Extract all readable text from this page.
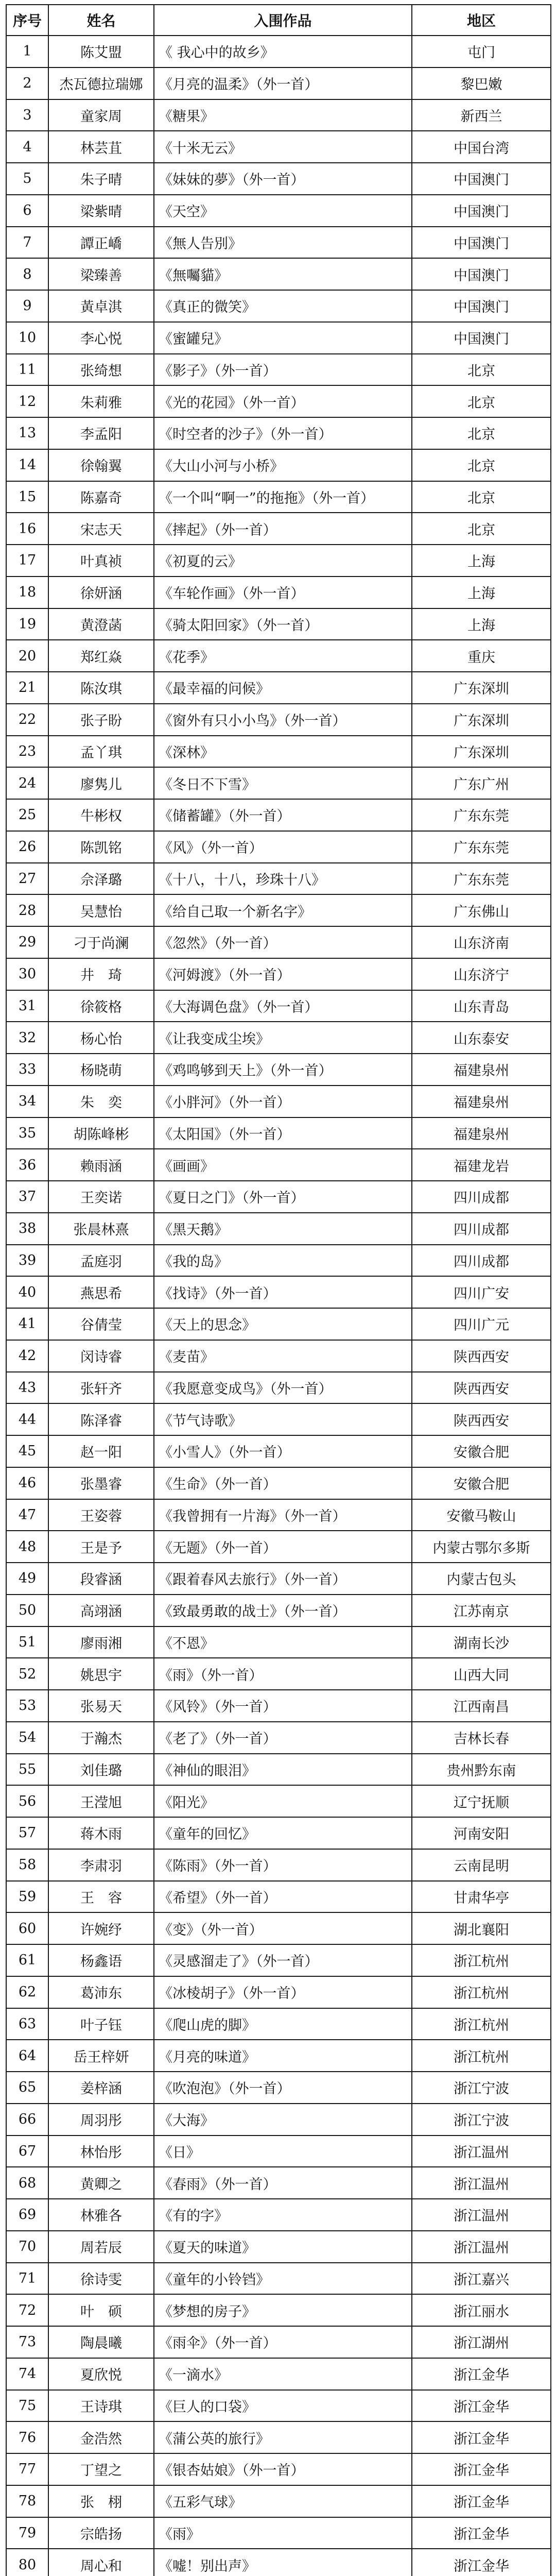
序号	姓名	入围作品	地区
1	陈艾盟	《 我心中的故乡》	屯门
2	杰瓦德拉瑞娜	《月亮的温柔》（外一首）	黎巴嫩
3	童家周	《糖果》	新西兰
4	林芸苴	《十米无云》	中国台湾
5	朱子晴	《妹妹的夢》（外一首）	中国澳门
6	梁紫晴	《天空》	中国澳门
7	譚正嶠	《無人告別》	中国澳门
8	梁臻善	《無囑貓》	中国澳门
9	黃卓淇	《真正的微笑》	中国澳门
10	李心悦	《蜜罐兒》	中国澳门
11	张绮想	《影子》（外一首）	北京
12	朱莉雅	《光的花园》（外一首）	北京
13	李孟阳	《时空者的沙子》（外一首）	北京
14	徐翰翼	《大山小河与小桥》	北京
15	陈嘉奇	《一个叫“啊一”的拖拖》（外一首）	北京
16	宋志天	《摔起》（外一首）	北京
17	叶真祯	《初夏的云》	上海
18	徐妍涵	《车轮作画》（外一首）	上海
19	黄澄菡	《骑太阳回家》（外一首）	上海
20	郑红焱	《花季》	重庆
21	陈汝琪	《最幸福的问候》	广东深圳
22	张子盼	《窗外有只小小鸟》（外一首）	广东深圳
23	孟丫琪	《深林》	广东深圳
24	廖隽儿	《冬日不下雪》	广东广州
25	牛彬权	《储蓄罐》（外一首）	广东东莞
26	陈凯铭	《风》（外一首）	广东东莞
27	佘泽璐	《十八，十八，珍珠十八》	广东东莞
28	吴慧怡	《给自己取一个新名字》	广东佛山
29	刁于尚澜	《忽然》（外一首）	山东济南
30	井　琦	《河姆渡》（外一首）	山东济宁
31	徐筱格	《大海调色盘》（外一首）	山东青岛
32	杨心怡	《让我变成尘埃》	山东泰安
33	杨晓萌	《鸡鸣够到天上》（外一首）	福建泉州
34	朱　奕	《小胖河》（外一首）	福建泉州
35	胡陈峰彬	《太阳国》（外一首）	福建泉州
36	赖雨涵	《画画》	福建龙岩
37	王奕诺	《夏日之门》（外一首）	四川成都
38	张晨林熹	《黑天鹅》	四川成都
39	孟庭羽	《我的岛》	四川成都
40	燕思希	《找诗》（外一首）	四川广安
41	谷倩莹	《天上的思念》	四川广元
42	闵诗睿	《麦苗》	陕西西安
43	张轩齐	《我愿意变成鸟》（外一首）	陕西西安
44	陈泽睿	《节气诗歌》	陕西西安
45	赵一阳	《小雪人》（外一首）	安徽合肥
46	张墨睿	《生命》（外一首）	安徽合肥
47	王姿蓉	《我曾拥有一片海》（外一首）	安徽马鞍山
48	王是予	《无题》（外一首）	内蒙古鄂尔多斯
49	段睿涵	《跟着春风去旅行》（外一首）	内蒙古包头
50	高翊涵	《致最勇敢的战士》（外一首）	江苏南京
51	廖雨湘	《不恩》	湖南长沙
52	姚思宇	《雨》（外一首）	山西大同
53	张易天	《风铃》（外一首）	江西南昌
54	于瀚杰	《老了》（外一首）	吉林长春
55	刘佳璐	《神仙的眼泪》	贵州黔东南
56	王滢旭	《阳光》	辽宁抚顺
57	蒋木雨	《童年的回忆》	河南安阳
58	李肃羽	《陈雨》（外一首）	云南昆明
59	王　容	《希望》（外一首）	甘肃华亭
60	许婉纾	《变》（外一首）	湖北襄阳
61	杨鑫语	《灵感溜走了》（外一首）	浙江杭州
62	葛沛东	《冰棱胡子》（外一首）	浙江杭州
63	叶子钰	《爬山虎的脚》	浙江杭州
64	岳王梓妍	《月亮的味道》	浙江杭州
65	姜梓涵	《吹泡泡》（外一首）	浙江宁波
66	周羽彤	《大海》	浙江宁波
67	林怡彤	《日》	浙江温州
68	黄卿之	《春雨》（外一首）	浙江温州
69	林雅各	《有的字》	浙江温州
70	周若辰	《夏天的味道》	浙江温州
71	徐诗雯	《童年的小铃铛》	浙江嘉兴
72	叶　硕	《梦想的房子》	浙江丽水
73	陶晨曦	《雨伞》（外一首）	浙江湖州
74	夏欣悦	《一滴水》	浙江金华
75	王诗琪	《巨人的口袋》	浙江金华
76	金浩然	《蒲公英的旅行》	浙江金华
77	丁望之	《银杏姑娘》（外一首）	浙江金华
78	张　栩	《五彩气球》	浙江金华
79	宗皓扬	《雨》	浙江金华
80	周心和	《嘘！别出声》	浙江金华
